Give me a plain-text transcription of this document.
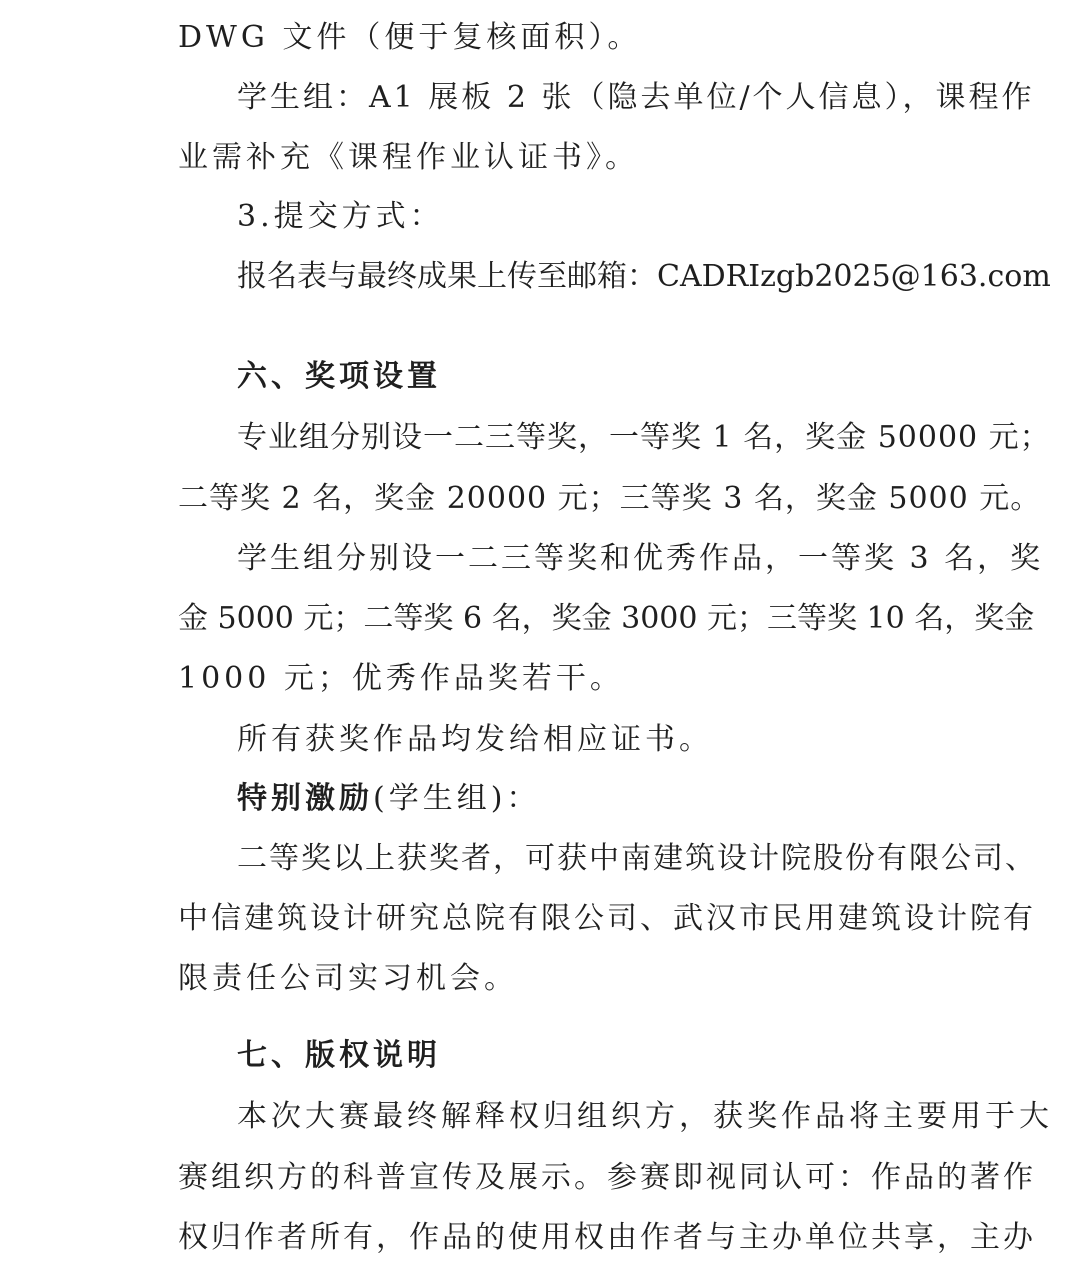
DWG 文件（便于复核面积）。
学生组：A1 展板 2 张（隐去单位/个人信息），课程作
业需补充《课程作业认证书》。
3.提交方式：
报名表与最终成果上传至邮箱：CADRIzgb2025@163.com
六、奖项设置
专业组分别设一二三等奖，一等奖 1 名，奖金 50000 元；
二等奖 2 名，奖金 20000 元；三等奖 3 名，奖金 5000 元。
学生组分别设一二三等奖和优秀作品，一等奖 3 名，奖
金 5000 元；二等奖 6 名，奖金 3000 元；三等奖 10 名，奖金
1000 元；优秀作品奖若干。
所有获奖作品均发给相应证书。
特别激励(学生组)：
二等奖以上获奖者，可获中南建筑设计院股份有限公司、
中信建筑设计研究总院有限公司、武汉市民用建筑设计院有
限责任公司实习机会。
七、版权说明
本次大赛最终解释权归组织方，获奖作品将主要用于大
赛组织方的科普宣传及展示。参赛即视同认可：作品的著作
权归作者所有，作品的使用权由作者与主办单位共享，主办
